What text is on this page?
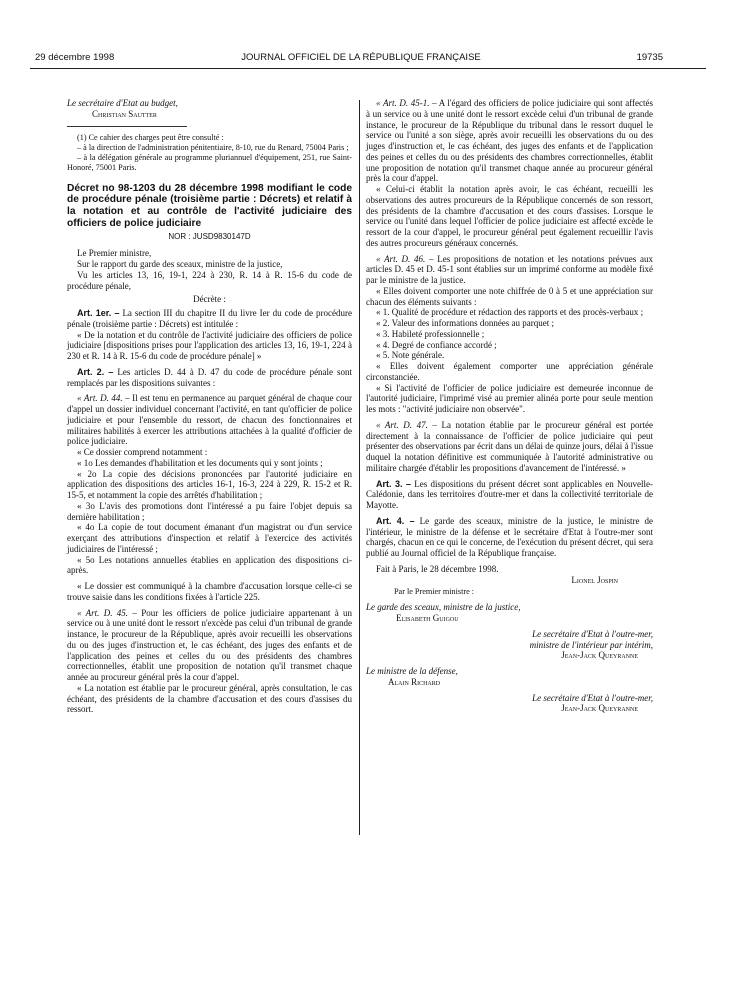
29 décembre 1998	JOURNAL OFFICIEL DE LA RÉPUBLIQUE FRANÇAISE	19735

Le secrétaire d'Etat au budget,

Christian Sautter

(1) Ce cahier des charges peut être consulté :

– à la direction de l'administration pénitentiaire, 8-10, rue du Renard, 75004 Paris ;

– à la délégation générale au programme pluriannuel d'équipement, 251, rue Saint-Honoré, 75001 Paris.

Décret no 98-1203 du 28 décembre 1998 modifiant le code de procédure pénale (troisième partie : Décrets) et relatif à la notation et au contrôle de l'activité judiciaire des officiers de police judiciaire

NOR : JUSD9830147D

Le Premier ministre,

Sur le rapport du garde des sceaux, ministre de la justice,

Vu les articles 13, 16, 19-1, 224 à 230, R. 14 à R. 15-6 du code de procédure pénale,

Décrète :

Art. 1er. – La section III du chapitre II du livre Ier du code de procédure pénale (troisième partie : Décrets) est intitulée :

« De la notation et du contrôle de l'activité judiciaire des officiers de police judiciaire [dispositions prises pour l'application des articles 13, 16, 19-1, 224 à 230 et R. 14 à R. 15-6 du code de procédure pénale] »

Art. 2. – Les articles D. 44 à D. 47 du code de procédure pénale sont remplacés par les dispositions suivantes :

« Art. D. 44. – Il est tenu en permanence au parquet général de chaque cour d'appel un dossier individuel concernant l'activité, en tant qu'officier de police judiciaire et pour l'ensemble du ressort, de chacun des fonctionnaires et militaires habilités à exercer les attributions attachées à la qualité d'officier de police judiciaire.

« Ce dossier comprend notamment :

« 1o Les demandes d'habilitation et les documents qui y sont joints ;

« 2o La copie des décisions prononcées par l'autorité judiciaire en application des dispositions des articles 16-1, 16-3, 224 à 229, R. 15-2 et R. 15-5, et notamment la copie des arrêtés d'habilitation ;

« 3o L'avis des promotions dont l'intéressé a pu faire l'objet depuis sa dernière habilitation ;

« 4o La copie de tout document émanant d'un magistrat ou d'un service exerçant des attributions d'inspection et relatif à l'exercice des activités judiciaires de l'intéressé ;

« 5o Les notations annuelles établies en application des dispositions ci-après.

« Le dossier est communiqué à la chambre d'accusation lorsque celle-ci se trouve saisie dans les conditions fixées à l'article 225.

« Art. D. 45. – Pour les officiers de police judiciaire appartenant à un service ou à une unité dont le ressort n'excède pas celui d'un tribunal de grande instance, le procureur de la République, après avoir recueilli les observations du ou des juges d'instruction et, le cas échéant, des juges des enfants et de l'application des peines et celles du ou des présidents des chambres correctionnelles, établit une proposition de notation qu'il transmet chaque année au procureur général près la cour d'appel.

« La notation est établie par le procureur général, après consultation, le cas échéant, des présidents de la chambre d'accusation et des cours d'assises du ressort.

« Art. D. 45-1. – A l'égard des officiers de police judiciaire qui sont affectés à un service ou à une unité dont le ressort excède celui d'un tribunal de grande instance, le procureur de la République du tribunal dans le ressort duquel le service ou l'unité a son siège, après avoir recueilli les observations du ou des juges d'instruction et, le cas échéant, des juges des enfants et de l'application des peines et celles du ou des présidents des chambres correctionnelles, établit une proposition de notation qu'il transmet chaque année au procureur général près la cour d'appel.

« Celui-ci établit la notation après avoir, le cas échéant, recueilli les observations des autres procureurs de la République concernés de son ressort, des présidents de la chambre d'accusation et des cours d'assises. Lorsque le service ou l'unité dans lequel l'officier de police judiciaire est affecté excède le ressort de la cour d'appel, le procureur général peut également recueillir l'avis des autres procureurs généraux concernés.

« Art. D. 46. – Les propositions de notation et les notations prévues aux articles D. 45 et D. 45-1 sont établies sur un imprimé conforme au modèle fixé par le ministre de la justice.

« Elles doivent comporter une note chiffrée de 0 à 5 et une appréciation sur chacun des éléments suivants :

« 1. Qualité de procédure et rédaction des rapports et des procès-verbaux ;

« 2. Valeur des informations données au parquet ;

« 3. Habileté professionnelle ;

« 4. Degré de confiance accordé ;

« 5. Note générale.

« Elles doivent également comporter une appréciation générale circonstanciée.

« Si l'activité de l'officier de police judiciaire est demeurée inconnue de l'autorité judiciaire, l'imprimé visé au premier alinéa porte pour seule mention les mots : "activité judiciaire non observée".

« Art. D. 47. – La notation établie par le procureur général est portée directement à la connaissance de l'officier de police judiciaire qui peut présenter des observations par écrit dans un délai de quinze jours, délai à l'issue duquel la notation définitive est communiquée à l'autorité administrative ou militaire chargée d'établir les propositions d'avancement de l'intéressé. »

Art. 3. – Les dispositions du présent décret sont applicables en Nouvelle-Calédonie, dans les territoires d'outre-mer et dans la collectivité territoriale de Mayotte.

Art. 4. – Le garde des sceaux, ministre de la justice, le ministre de l'intérieur, le ministre de la défense et le secrétaire d'Etat à l'outre-mer sont chargés, chacun en ce qui le concerne, de l'exécution du présent décret, qui sera publié au Journal officiel de la République française.

Fait à Paris, le 28 décembre 1998.

Lionel Jospin

Par le Premier ministre :

Le garde des sceaux, ministre de la justice,

Elisabeth Guigou

Le secrétaire d'Etat à l'outre-mer,

ministre de l'intérieur par intérim,

Jean-Jack Queyranne

Le ministre de la défense,

Alain Richard

Le secrétaire d'Etat à l'outre-mer,

Jean-Jack Queyranne
